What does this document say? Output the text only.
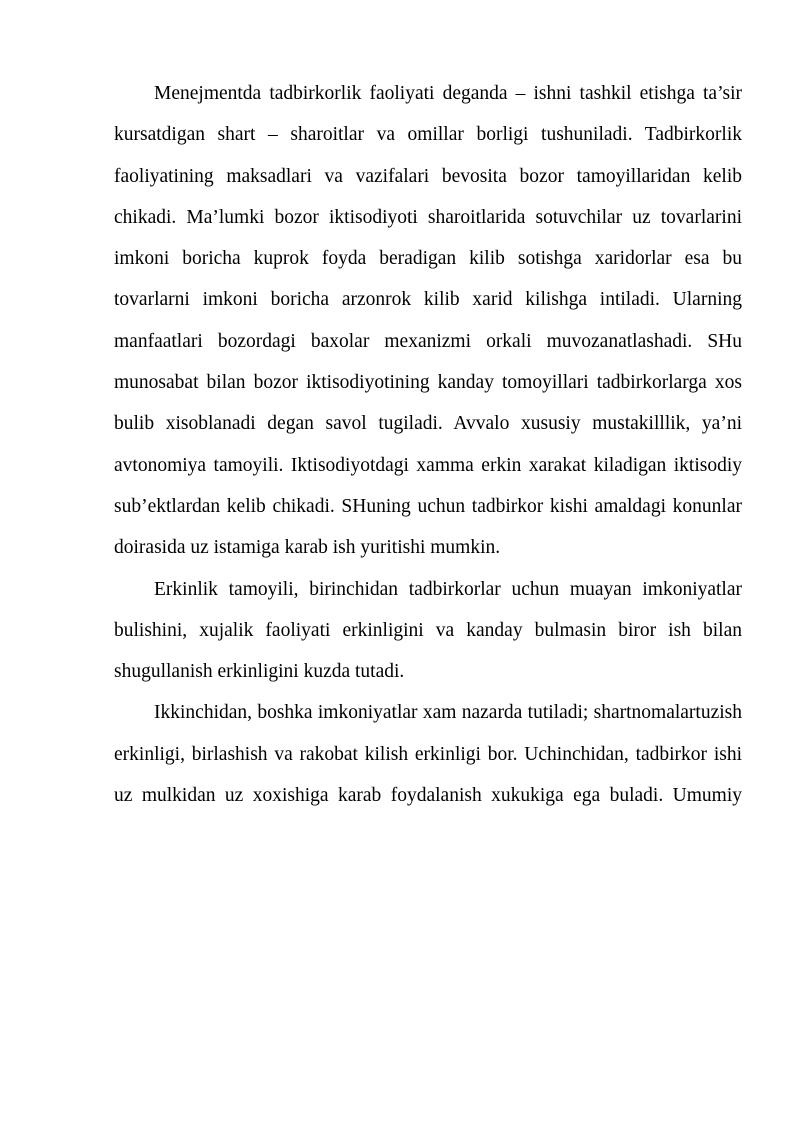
Menejmentda tadbirkorlik faoliyati deganda – ishni tashkil etishga ta’sir kursatdigan shart – sharoitlar va omillar borligi tushuniladi. Tadbirkorlik faoliyatining maksadlari va vazifalari bevosita bozor tamoyillaridan kelib chikadi. Ma’lumki bozor iktisodiyoti sharoitlarida sotuvchilar uz tovarlarini imkoni boricha kuprok foyda beradigan kilib sotishga xaridorlar esa bu tovarlarni imkoni boricha arzonrok kilib xarid kilishga intiladi. Ularning manfaatlari bozordagi baxolar mexanizmi orkali muvozanatlashadi. SHu munosabat bilan bozor iktisodiyotining kanday tomoyillari tadbirkorlarga xos bulib xisoblanadi degan savol tugiladi. Avvalo xususiy mustakilllik, ya’ni avtonomiya tamoyili. Iktisodiyotdagi xamma erkin xarakat kiladigan iktisodiy sub’ektlardan kelib chikadi. SHuning uchun tadbirkor kishi amaldagi konunlar doirasida uz istamiga karab ish yuritishi mumkin.

Erkinlik tamoyili, birinchidan tadbirkorlar uchun muayan imkoniyatlar bulishini, xujalik faoliyati erkinligini va kanday bulmasin biror ish bilan shugullanish erkinligini kuzda tutadi.

Ikkinchidan, boshka imkoniyatlar xam nazarda tutiladi; shartnomalartuzish erkinligi, birlashish va rakobat kilish erkinligi bor. Uchinchidan, tadbirkor ishi uz mulkidan uz xoxishiga karab foydalanish xukukiga ega buladi. Umumiy
